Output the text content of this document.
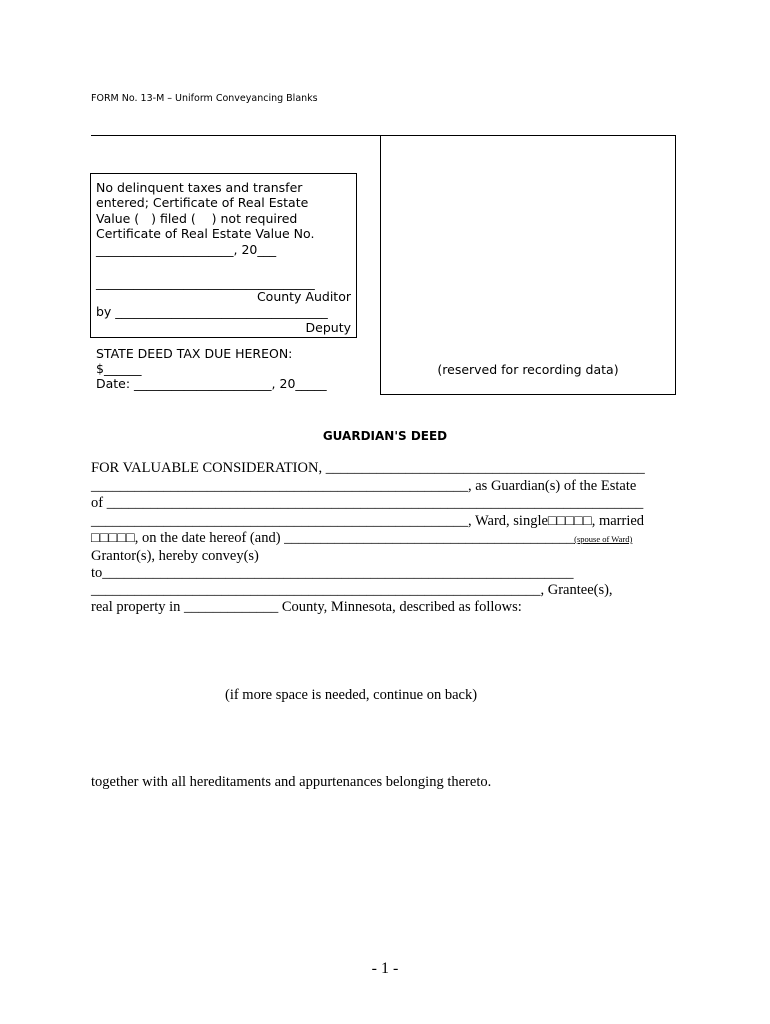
FORM No. 13-M – Uniform Conveyancing Blanks
No delinquent taxes and transfer
entered; Certificate of Real Estate
Value (   ) filed (    ) not required
Certificate of Real Estate Value No.
______________________, 20___
___________________________________
County Auditor
by __________________________________
Deputy
STATE DEED TAX DUE HEREON:
$______
Date: ______________________, 20_____
(reserved for recording data)
GUARDIAN'S DEED
FOR VALUABLE CONSIDERATION, ____________________________________________
____________________________________________________, as Guardian(s) of the Estate
of __________________________________________________________________________
____________________________________________________, Ward, single□□□□□, married
□□□□□, on the date hereof (and) ________________________________________(spouse of Ward)
Grantor(s), hereby convey(s)
to_________________________________________________________________
______________________________________________________________, Grantee(s),
real property in _____________ County, Minnesota, described as follows:
(if more space is needed, continue on back)
together with all hereditaments and appurtenances belonging thereto.
- 1 -
